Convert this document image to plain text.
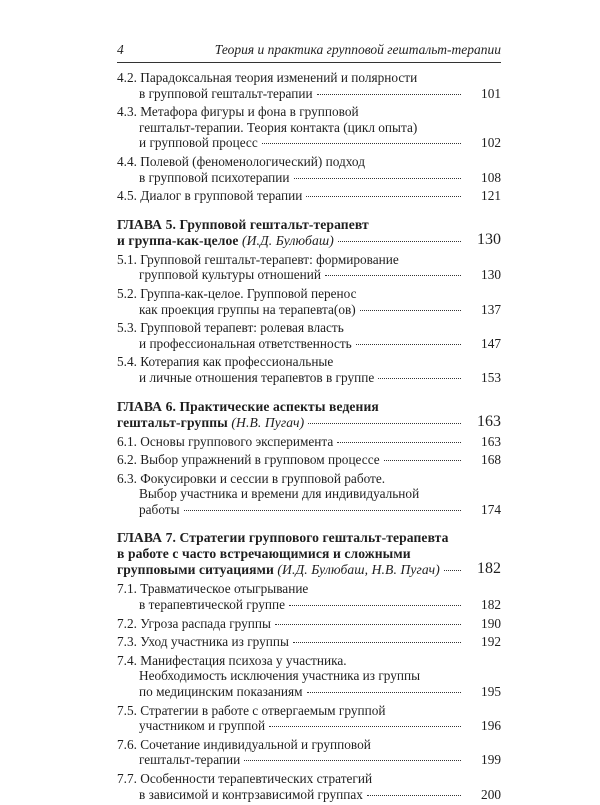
4	Теория и практика групповой гештальт-терапии
4.2. Парадоксальная теория изменений и полярности
в групповой гештальт-терапии	101
4.3. Метафора фигуры и фона в групповой
гештальт-терапии. Теория контакта (цикл опыта)
и групповой процесс	102
4.4. Полевой (феноменологический) подход
в групповой психотерапии	108
4.5. Диалог в групповой терапии	121
ГЛАВА 5. Групповой гештальт-терапевт
и группа-как-целое (И.Д. Булюбаш)	130
5.1. Групповой гештальт-терапевт: формирование
групповой культуры отношений	130
5.2. Группа-как-целое. Групповой перенос
как проекция группы на терапевта(ов)	137
5.3. Групповой терапевт: ролевая власть
и профессиональная ответственность	147
5.4. Котерапия как профессиональные
и личные отношения терапевтов в группе	153
ГЛАВА 6. Практические аспекты ведения
гештальт-группы (Н.В. Пугач)	163
6.1. Основы группового эксперимента	163
6.2. Выбор упражнений в групповом процессе	168
6.3. Фокусировки и сессии в групповой работе.
Выбор участника и времени для индивидуальной
работы	174
ГЛАВА 7. Стратегии группового гештальт-терапевта
в работе с часто встречающимися и сложными
групповыми ситуациями (И.Д. Булюбаш, Н.В. Пугач) 182
7.1. Травматическое отыгрывание
в терапевтической группе	182
7.2. Угроза распада группы	190
7.3. Уход участника из группы	192
7.4. Манифестация психоза у участника.
Необходимость исключения участника из группы
по медицинским показаниям	195
7.5. Стратегии в работе с отвергаемым группой
участником и группой	196
7.6. Сочетание индивидуальной и групповой
гештальт-терапии	199
7.7. Особенности терапевтических стратегий
в зависимой и контрзависимой группах	200
